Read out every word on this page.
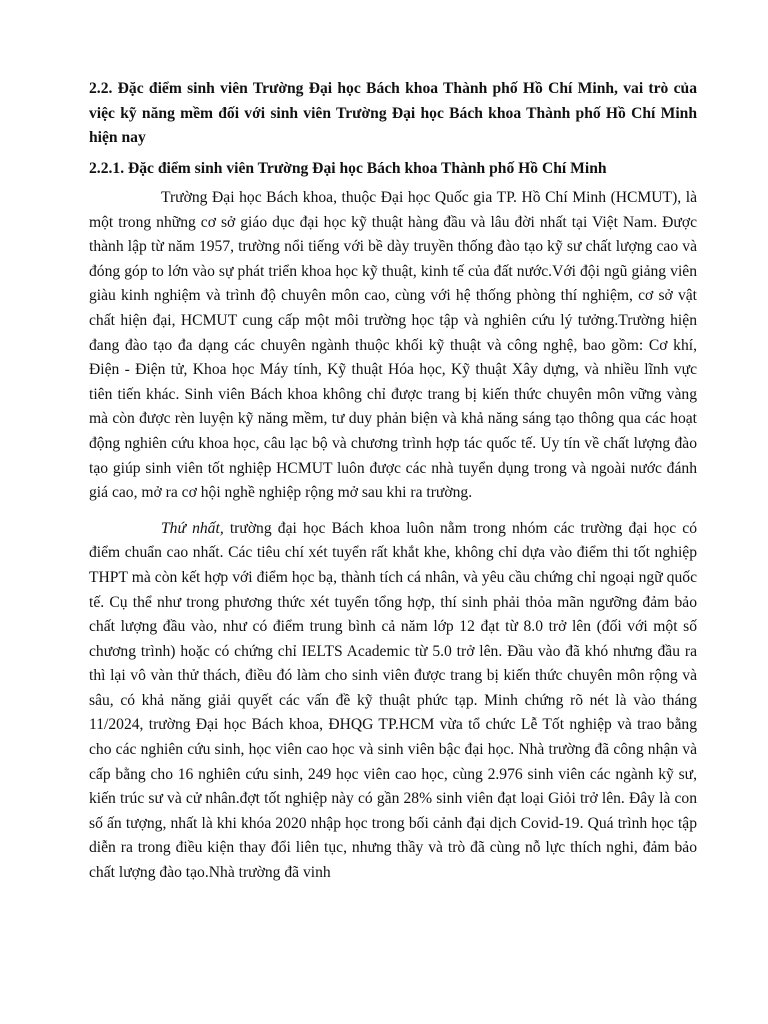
2.2. Đặc điểm sinh viên Trường Đại học Bách khoa Thành phố Hồ Chí Minh, vai trò của việc kỹ năng mềm đối với sinh viên Trường Đại học Bách khoa Thành phố Hồ Chí Minh hiện nay

2.2.1. Đặc điểm sinh viên Trường Đại học Bách khoa Thành phố Hồ Chí Minh

Trường Đại học Bách khoa, thuộc Đại học Quốc gia TP. Hồ Chí Minh (HCMUT), là một trong những cơ sở giáo dục đại học kỹ thuật hàng đầu và lâu đời nhất tại Việt Nam. Được thành lập từ năm 1957, trường nổi tiếng với bề dày truyền thống đào tạo kỹ sư chất lượng cao và đóng góp to lớn vào sự phát triển khoa học kỹ thuật, kinh tế của đất nước.Với đội ngũ giảng viên giàu kinh nghiệm và trình độ chuyên môn cao, cùng với hệ thống phòng thí nghiệm, cơ sở vật chất hiện đại, HCMUT cung cấp một môi trường học tập và nghiên cứu lý tưởng.Trường hiện đang đào tạo đa dạng các chuyên ngành thuộc khối kỹ thuật và công nghệ, bao gồm: Cơ khí, Điện - Điện tử, Khoa học Máy tính, Kỹ thuật Hóa học, Kỹ thuật Xây dựng, và nhiều lĩnh vực tiên tiến khác. Sinh viên Bách khoa không chỉ được trang bị kiến thức chuyên môn vững vàng mà còn được rèn luyện kỹ năng mềm, tư duy phản biện và khả năng sáng tạo thông qua các hoạt động nghiên cứu khoa học, câu lạc bộ và chương trình hợp tác quốc tế. Uy tín về chất lượng đào tạo giúp sinh viên tốt nghiệp HCMUT luôn được các nhà tuyển dụng trong và ngoài nước đánh giá cao, mở ra cơ hội nghề nghiệp rộng mở sau khi ra trường.

Thứ nhất, trường đại học Bách khoa luôn nằm trong nhóm các trường đại học có điểm chuẩn cao nhất. Các tiêu chí xét tuyển rất khắt khe, không chỉ dựa vào điểm thi tốt nghiệp THPT mà còn kết hợp với điểm học bạ, thành tích cá nhân, và yêu cầu chứng chỉ ngoại ngữ quốc tế. Cụ thể như trong phương thức xét tuyển tổng hợp, thí sinh phải thỏa mãn ngưỡng đảm bảo chất lượng đầu vào, như có điểm trung bình cả năm lớp 12 đạt từ 8.0 trở lên (đối với một số chương trình) hoặc có chứng chỉ IELTS Academic từ 5.0 trở lên. Đầu vào đã khó nhưng đầu ra thì lại vô vàn thử thách, điều đó làm cho sinh viên được trang bị kiến thức chuyên môn rộng và sâu, có khả năng giải quyết các vấn đề kỹ thuật phức tạp. Minh chứng rõ nét là vào tháng 11/2024, trường Đại học Bách khoa, ĐHQG TP.HCM vừa tổ chức Lễ Tốt nghiệp và trao bằng cho các nghiên cứu sinh, học viên cao học và sinh viên bậc đại học. Nhà trường đã công nhận và cấp bằng cho 16 nghiên cứu sinh, 249 học viên cao học, cùng 2.976 sinh viên các ngành kỹ sư, kiến trúc sư và cử nhân.đợt tốt nghiệp này có gần 28% sinh viên đạt loại Giỏi trở lên. Đây là con số ấn tượng, nhất là khi khóa 2020 nhập học trong bối cảnh đại dịch Covid-19. Quá trình học tập diễn ra trong điều kiện thay đổi liên tục, nhưng thầy và trò đã cùng nỗ lực thích nghi, đảm bảo chất lượng đào tạo.Nhà trường đã vinh
